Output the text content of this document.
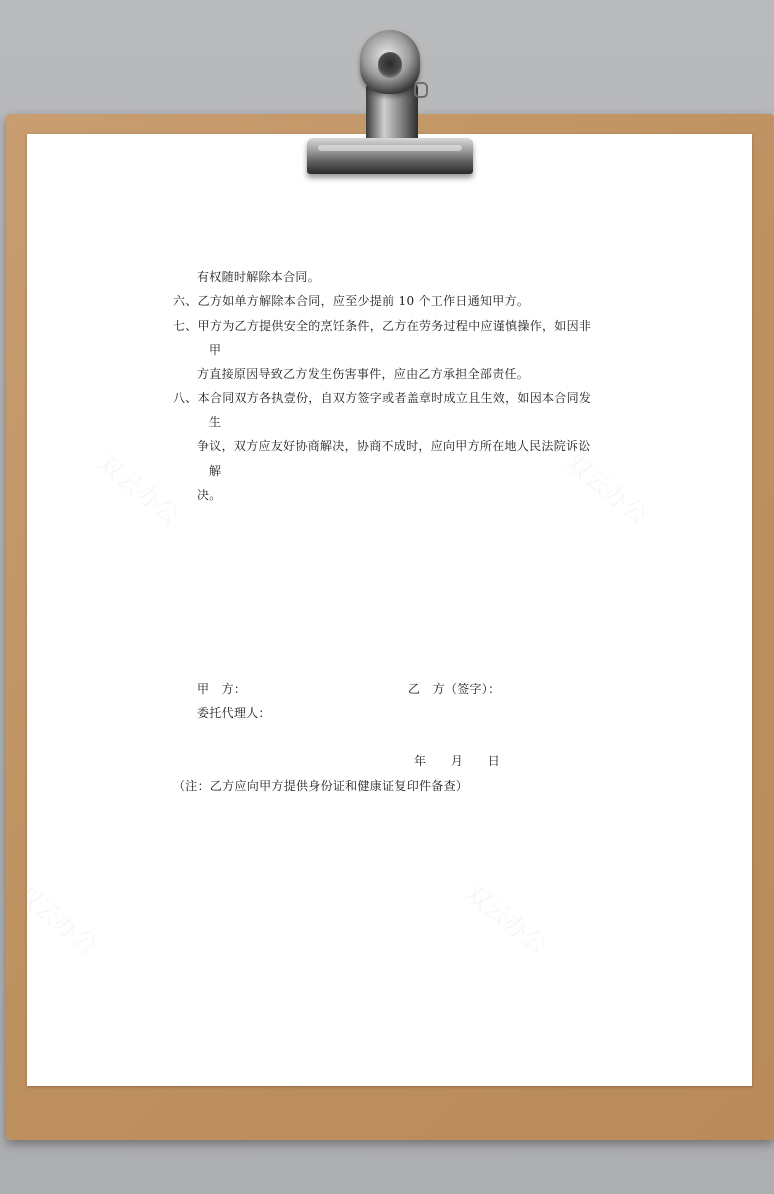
双云办公	双云办公
双云办公	双云办公
有权随时解除本合同。
六、乙方如单方解除本合同，应至少提前 10 个工作日通知甲方。
七、甲方为乙方提供安全的烹饪条件，乙方在劳务过程中应谨慎操作，如因非
甲
方直接原因导致乙方发生伤害事件，应由乙方承担全部责任。
八、本合同双方各执壹份，自双方签字或者盖章时成立且生效，如因本合同发
生
争议，双方应友好协商解决，协商不成时，应向甲方所在地人民法院诉讼
解
决。
甲　方：	乙　方（签字）：
委托代理人：
年　　月　　日
（注：乙方应向甲方提供身份证和健康证复印件备查）
